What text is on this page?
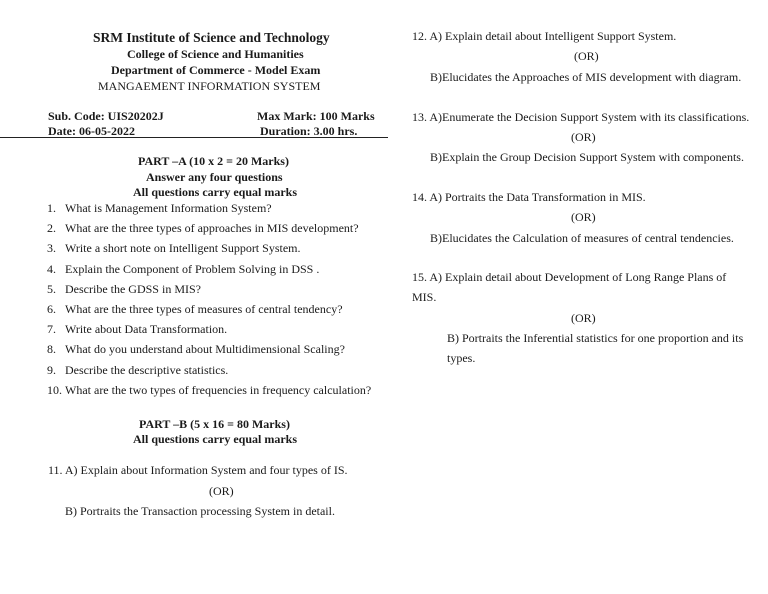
SRM Institute of Science and Technology
College of Science and Humanities
Department of Commerce - Model Exam
MANGAEMENT INFORMATION SYSTEM
Sub. Code: UIS20202J	Max Mark: 100 Marks
Date: 06-05-2022	Duration: 3.00 hrs.
PART –A (10 x 2 = 20 Marks)
Answer any four questions
All questions carry equal marks
1. What is Management Information System?
2. What are the three types of approaches in MIS development?
3. Write a short note on Intelligent Support System.
4. Explain the Component of Problem Solving in DSS .
5. Describe the GDSS in MIS?
6. What are the three types of measures of central tendency?
7. Write about Data Transformation.
8. What do you understand about Multidimensional Scaling?
9. Describe the descriptive statistics.
10. What are the two types of frequencies in frequency calculation?
PART –B (5 x 16 = 80 Marks)
All questions carry equal marks
11. A) Explain about Information System and four types of IS.
(OR)
B) Portraits the Transaction processing System in detail.
12. A) Explain detail about Intelligent Support System.
(OR)
B)Elucidates the Approaches of MIS development with diagram.
13. A)Enumerate the Decision Support System with its classifications.
(OR)
B)Explain the Group Decision Support System with components.
14. A) Portraits the Data Transformation in MIS.
(OR)
B)Elucidates the Calculation of measures of central tendencies.
15. A) Explain detail about Development of Long Range Plans of
MIS.
(OR)
B) Portraits the Inferential statistics for one proportion and its
types.
